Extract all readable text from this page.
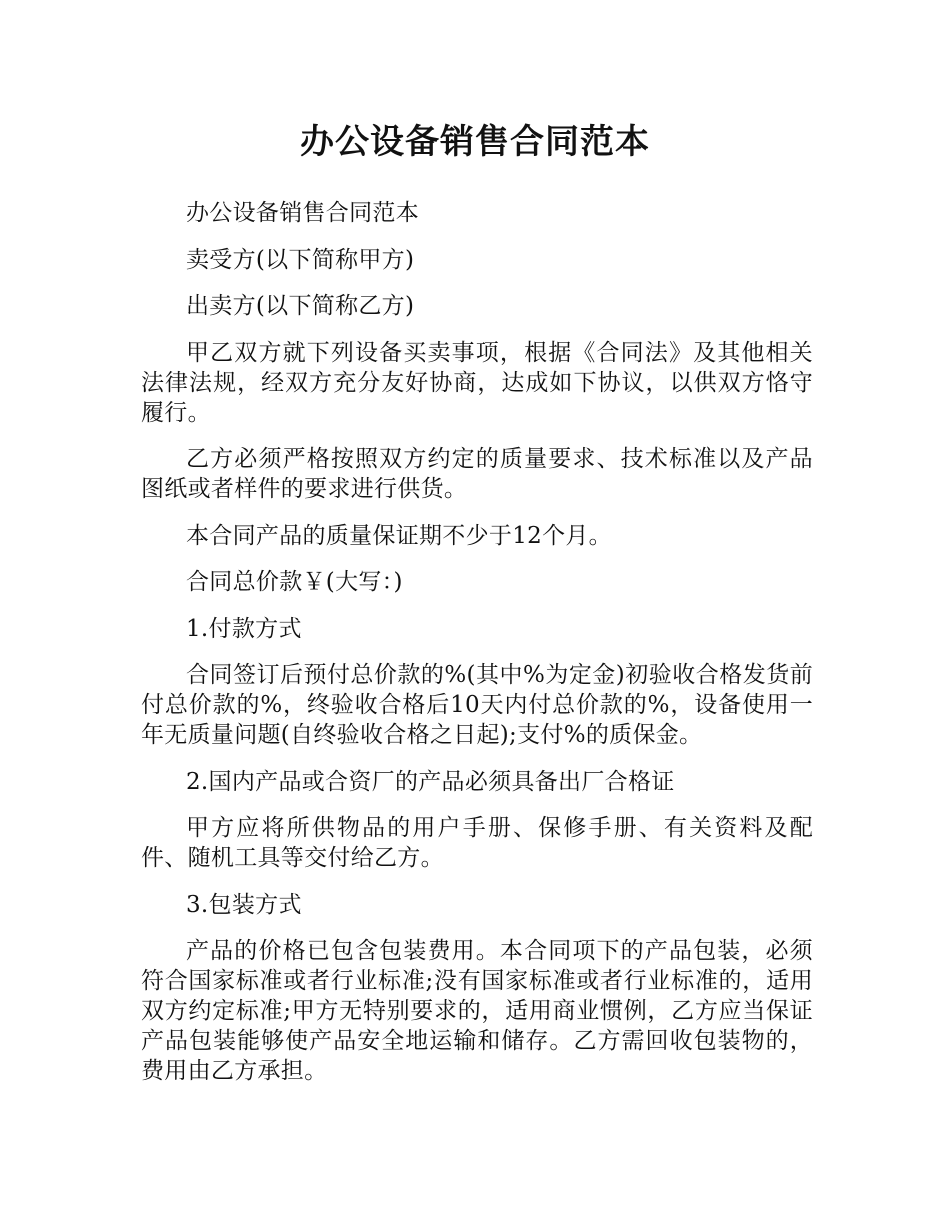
办公设备销售合同范本

办公设备销售合同范本

卖受方(以下简称甲方)

出卖方(以下简称乙方)

甲乙双方就下列设备买卖事项，根据《合同法》及其他相关法律法规，经双方充分友好协商，达成如下协议，以供双方恪守履行。

乙方必须严格按照双方约定的质量要求、技术标准以及产品图纸或者样件的要求进行供货。

本合同产品的质量保证期不少于12个月。

合同总价款￥(大写：)

1.付款方式

合同签订后预付总价款的%(其中%为定金)初验收合格发货前付总价款的%，终验收合格后10天内付总价款的%，设备使用一年无质量问题(自终验收合格之日起);支付%的质保金。

2.国内产品或合资厂的产品必须具备出厂合格证

甲方应将所供物品的用户手册、保修手册、有关资料及配件、随机工具等交付给乙方。

3.包装方式

产品的价格已包含包装费用。本合同项下的产品包装，必须符合国家标准或者行业标准;没有国家标准或者行业标准的，适用双方约定标准;甲方无特别要求的，适用商业惯例，乙方应当保证产品包装能够使产品安全地运输和储存。乙方需回收包装物的，费用由乙方承担。
